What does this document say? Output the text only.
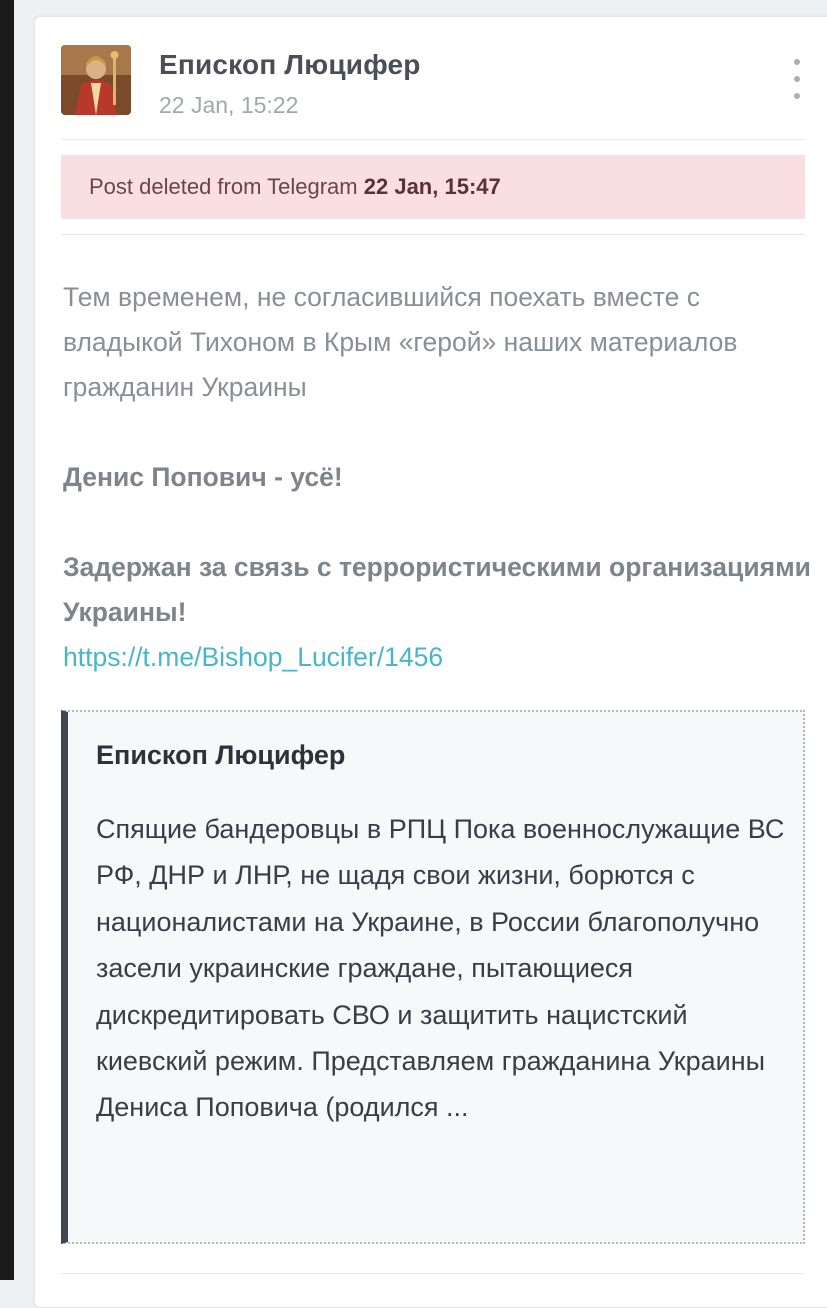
Епископ Люцифер
22 Jan, 15:22
Post deleted from Telegram 22 Jan, 15:47

Тем временем, не согласившийся поехать вместе с владыкой Тихоном в Крым «герой» наших материалов гражданин Украины

Денис Попович - усё!

Задержан за связь с террористическими организациями Украины!

https://t.me/Bishop_Lucifer/1456

Епископ Люцифер
Спящие бандеровцы в РПЦ Пока военнослужащие ВС РФ, ДНР и ЛНР, не щадя свои жизни, борются с националистами на Украине, в России благополучно засели украинские граждане, пытающиеся дискредитировать СВО и защитить нацистский киевский режим. Представляем гражданина Украины Дениса Поповича (родился ...
